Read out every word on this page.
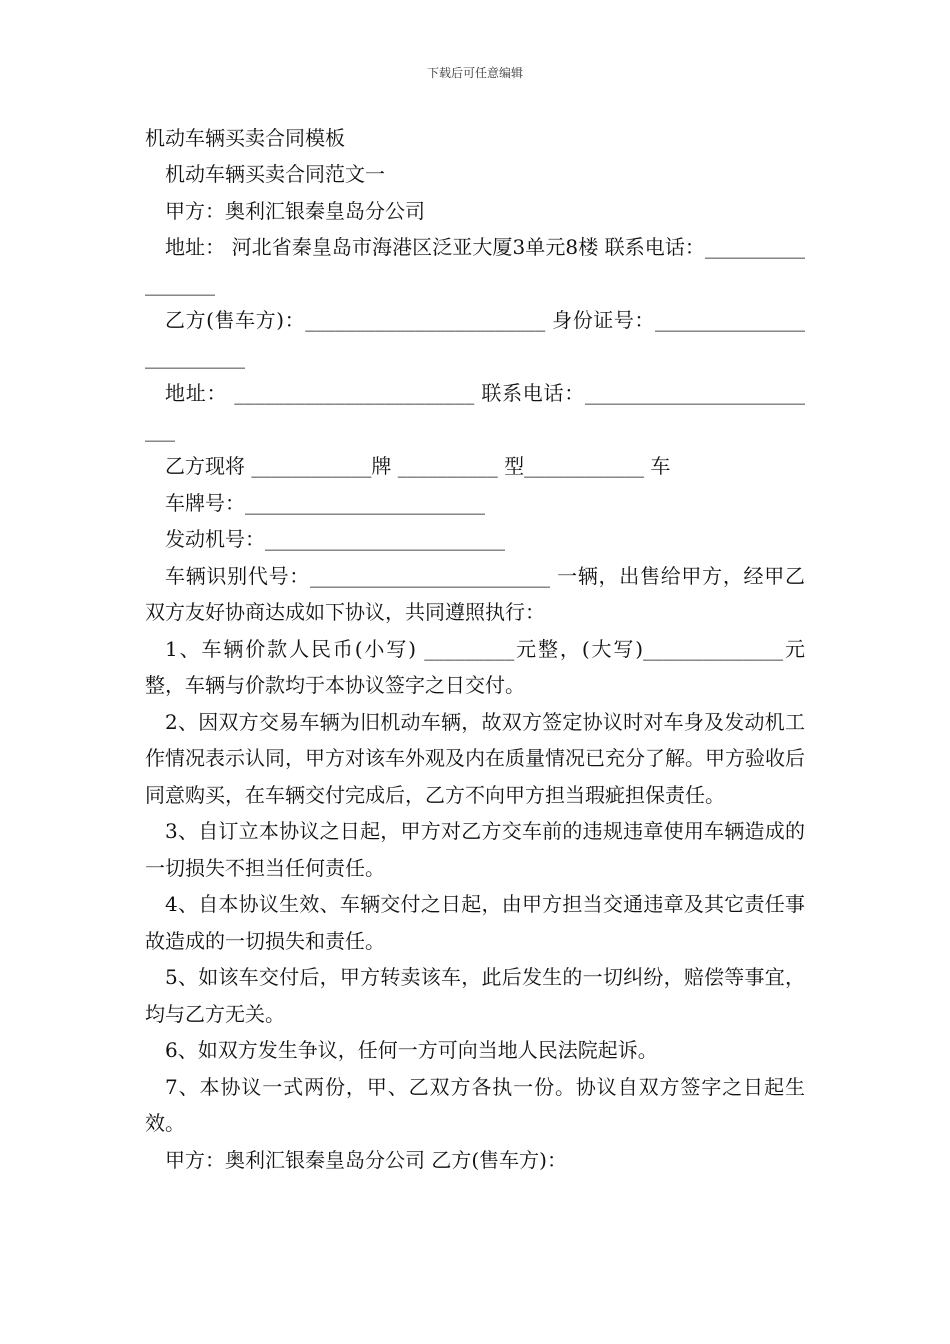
下载后可任意编辑
机动车辆买卖合同模板

机动车辆买卖合同范文一

甲方：奥利汇银秦皇岛分公司

地址： 河北省秦皇岛市海港区泛亚大厦3单元8楼 联系电话：_________________

乙方(售车方)：________________________ 身份证号：_________________________

地址： ________________________ 联系电话：_________________________

乙方现将 ____________牌 __________ 型____________ 车

车牌号：________________________

发动机号：________________________

车辆识别代号：________________________ 一辆，出售给甲方，经甲乙双方友好协商达成如下协议，共同遵照执行：

1、车辆价款人民币(小写) _________元整，(大写)______________元整，车辆与价款均于本协议签字之日交付。

2、因双方交易车辆为旧机动车辆，故双方签定协议时对车身及发动机工作情况表示认同，甲方对该车外观及内在质量情况已充分了解。甲方验收后同意购买，在车辆交付完成后，乙方不向甲方担当瑕疵担保责任。

3、自订立本协议之日起，甲方对乙方交车前的违规违章使用车辆造成的一切损失不担当任何责任。

4、自本协议生效、车辆交付之日起，由甲方担当交通违章及其它责任事故造成的一切损失和责任。

5、如该车交付后，甲方转卖该车，此后发生的一切纠纷，赔偿等事宜，均与乙方无关。

6、如双方发生争议，任何一方可向当地人民法院起诉。

7、本协议一式两份，甲、乙双方各执一份。协议自双方签字之日起生效。

甲方：奥利汇银秦皇岛分公司 乙方(售车方)：
